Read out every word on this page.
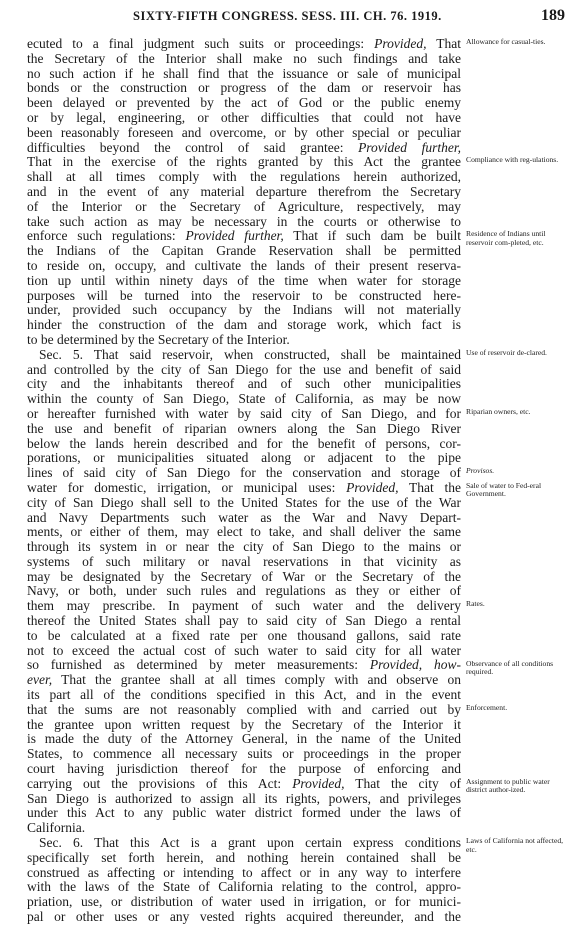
SIXTY-FIFTH CONGRESS. SESS. III. CH. 76. 1919.	189
ecuted to a final judgment such suits or proceedings: Provided, That
the Secretary of the Interior shall make no such findings and take
no such action if he shall find that the issuance or sale of municipal
bonds or the construction or progress of the dam or reservoir has
been delayed or prevented by the act of God or the public enemy
or by legal, engineering, or other difficulties that could not have
been reasonably foreseen and overcome, or by other special or peculiar
difficulties beyond the control of said grantee: Provided further,
That in the exercise of the rights granted by this Act the grantee
shall at all times comply with the regulations herein authorized,
and in the event of any material departure therefrom the Secretary
of the Interior or the Secretary of Agriculture, respectively, may
take such action as may be necessary in the courts or otherwise to
enforce such regulations: Provided further, That if such dam be built
the Indians of the Capitan Grande Reservation shall be permitted
to reside on, occupy, and cultivate the lands of their present reserva-
tion up until within ninety days of the time when water for storage
purposes will be turned into the reservoir to be constructed here-
under, provided such occupancy by the Indians will not materially
hinder the construction of the dam and storage work, which fact is
to be determined by the Secretary of the Interior.
Sec. 5. That said reservoir, when constructed, shall be maintained
and controlled by the city of San Diego for the use and benefit of said
city and the inhabitants thereof and of such other municipalities
within the county of San Diego, State of California, as may be now
or hereafter furnished with water by said city of San Diego, and for
the use and benefit of riparian owners along the San Diego River
below the lands herein described and for the benefit of persons, cor-
porations, or municipalities situated along or adjacent to the pipe
lines of said city of San Diego for the conservation and storage of
water for domestic, irrigation, or municipal uses: Provided, That the
city of San Diego shall sell to the United States for the use of the War
and Navy Departments such water as the War and Navy Depart-
ments, or either of them, may elect to take, and shall deliver the same
through its system in or near the city of San Diego to the mains or
systems of such military or naval reservations in that vicinity as
may be designated by the Secretary of War or the Secretary of the
Navy, or both, under such rules and regulations as they or either of
them may prescribe. In payment of such water and the delivery
thereof the United States shall pay to said city of San Diego a rental
to be calculated at a fixed rate per one thousand gallons, said rate
not to exceed the actual cost of such water to said city for all water
so furnished as determined by meter measurements: Provided, how-
ever, That the grantee shall at all times comply with and observe on
its part all of the conditions specified in this Act, and in the event
that the sums are not reasonably complied with and carried out by
the grantee upon written request by the Secretary of the Interior it
is made the duty of the Attorney General, in the name of the United
States, to commence all necessary suits or proceedings in the proper
court having jurisdiction thereof for the purpose of enforcing and
carrying out the provisions of this Act: Provided, That the city of
San Diego is authorized to assign all its rights, powers, and privileges
under this Act to any public water district formed under the laws of
California.
Sec. 6. That this Act is a grant upon certain express conditions
specifically set forth herein, and nothing herein contained shall be
construed as affecting or intending to affect or in any way to interfere
with the laws of the State of California relating to the control, appro-
priation, use, or distribution of water used in irrigation, or for munici-
pal or other uses or any vested rights acquired thereunder, and the
Allowance for casual-ties.
Compliance with reg-ulations.
Residence of Indians until reservoir com-pleted, etc.
Use of reservoir de-clared.
Riparian owners, etc.
Provisos.
Sale of water to Fed-eral Government.
Rates.
Observance of all conditions required.
Enforcement.
Assignment to public water district author-ized.
Laws of California not affected, etc.
